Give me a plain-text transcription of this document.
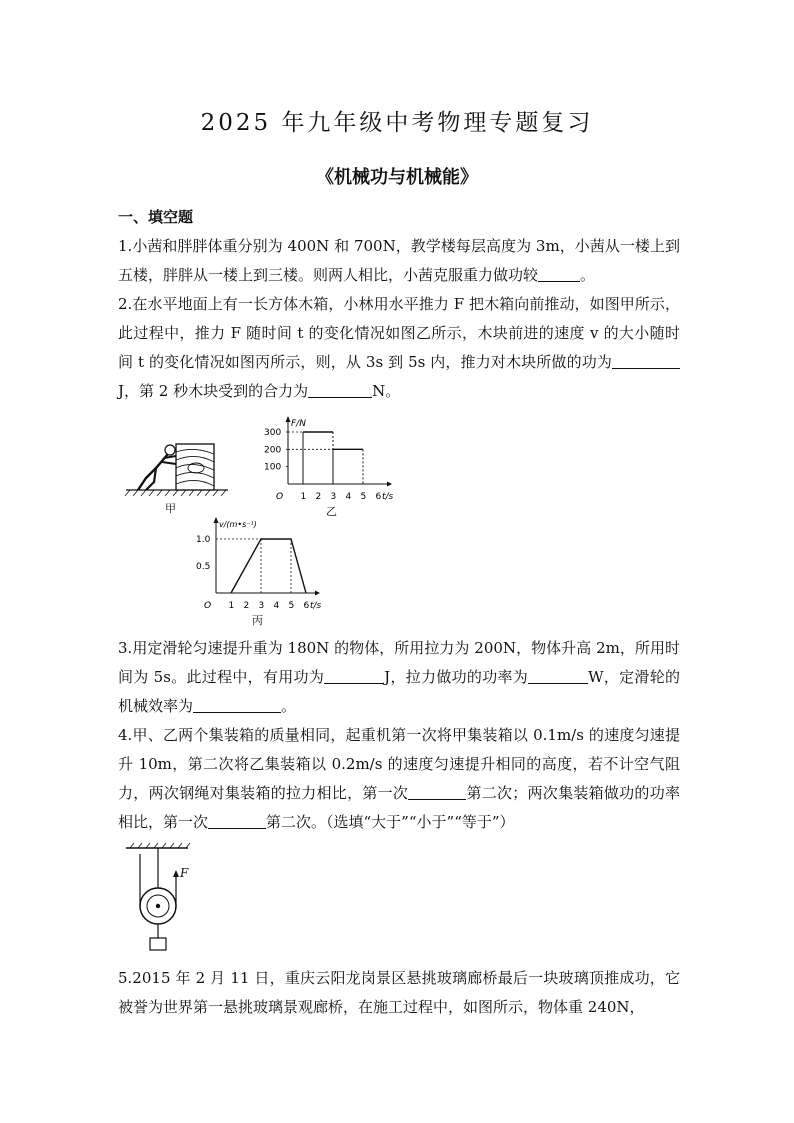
2025 年九年级中考物理专题复习
《机械功与机械能》
一、填空题
1.小茜和胖胖体重分别为 400N 和 700N，教学楼每层高度为 3m，小茜从一楼上到五楼，胖胖从一楼上到三楼。则两人相比，小茜克服重力做功较	。
2.在水平地面上有一长方体木箱，小林用水平推力 F 把木箱向前推动，如图甲所示，此过程中，推力 F 随时间 t 的变化情况如图乙所示，木块前进的速度 v 的大小随时间 t 的变化情况如图丙所示，则，从 3s 到 5s 内，推力对木块所做的功为J，第 2 秒木块受到的合力为	N。
甲
O 1 2 3 4 5 6 t/s
100
200
300
F/N
乙
O 1 2 3 4 5 6 t/s
0.5
1.0
v/(m•s⁻¹)
丙
3.用定滑轮匀速提升重为 180N 的物体，所用拉力为 200N，物体升高 2m，所用时间为 5s。此过程中，有用功为	J，拉力做功的功率为	W，定滑轮的机械效率为	。
4.甲、乙两个集装箱的质量相同，起重机第一次将甲集装箱以 0.1m/s 的速度匀速提升 10m，第二次将乙集装箱以 0.2m/s 的速度匀速提升相同的高度，若不计空气阻力，两次钢绳对集装箱的拉力相比，第一次	第二次；两次集装箱做功的功率相比，第一次	第二次。（选填“大于”“小于”“等于”）
F
5.2015 年 2 月 11 日，重庆云阳龙岗景区悬挑玻璃廊桥最后一块玻璃顶推成功，它被誉为世界第一悬挑玻璃景观廊桥，在施工过程中，如图所示，物体重 240N，
